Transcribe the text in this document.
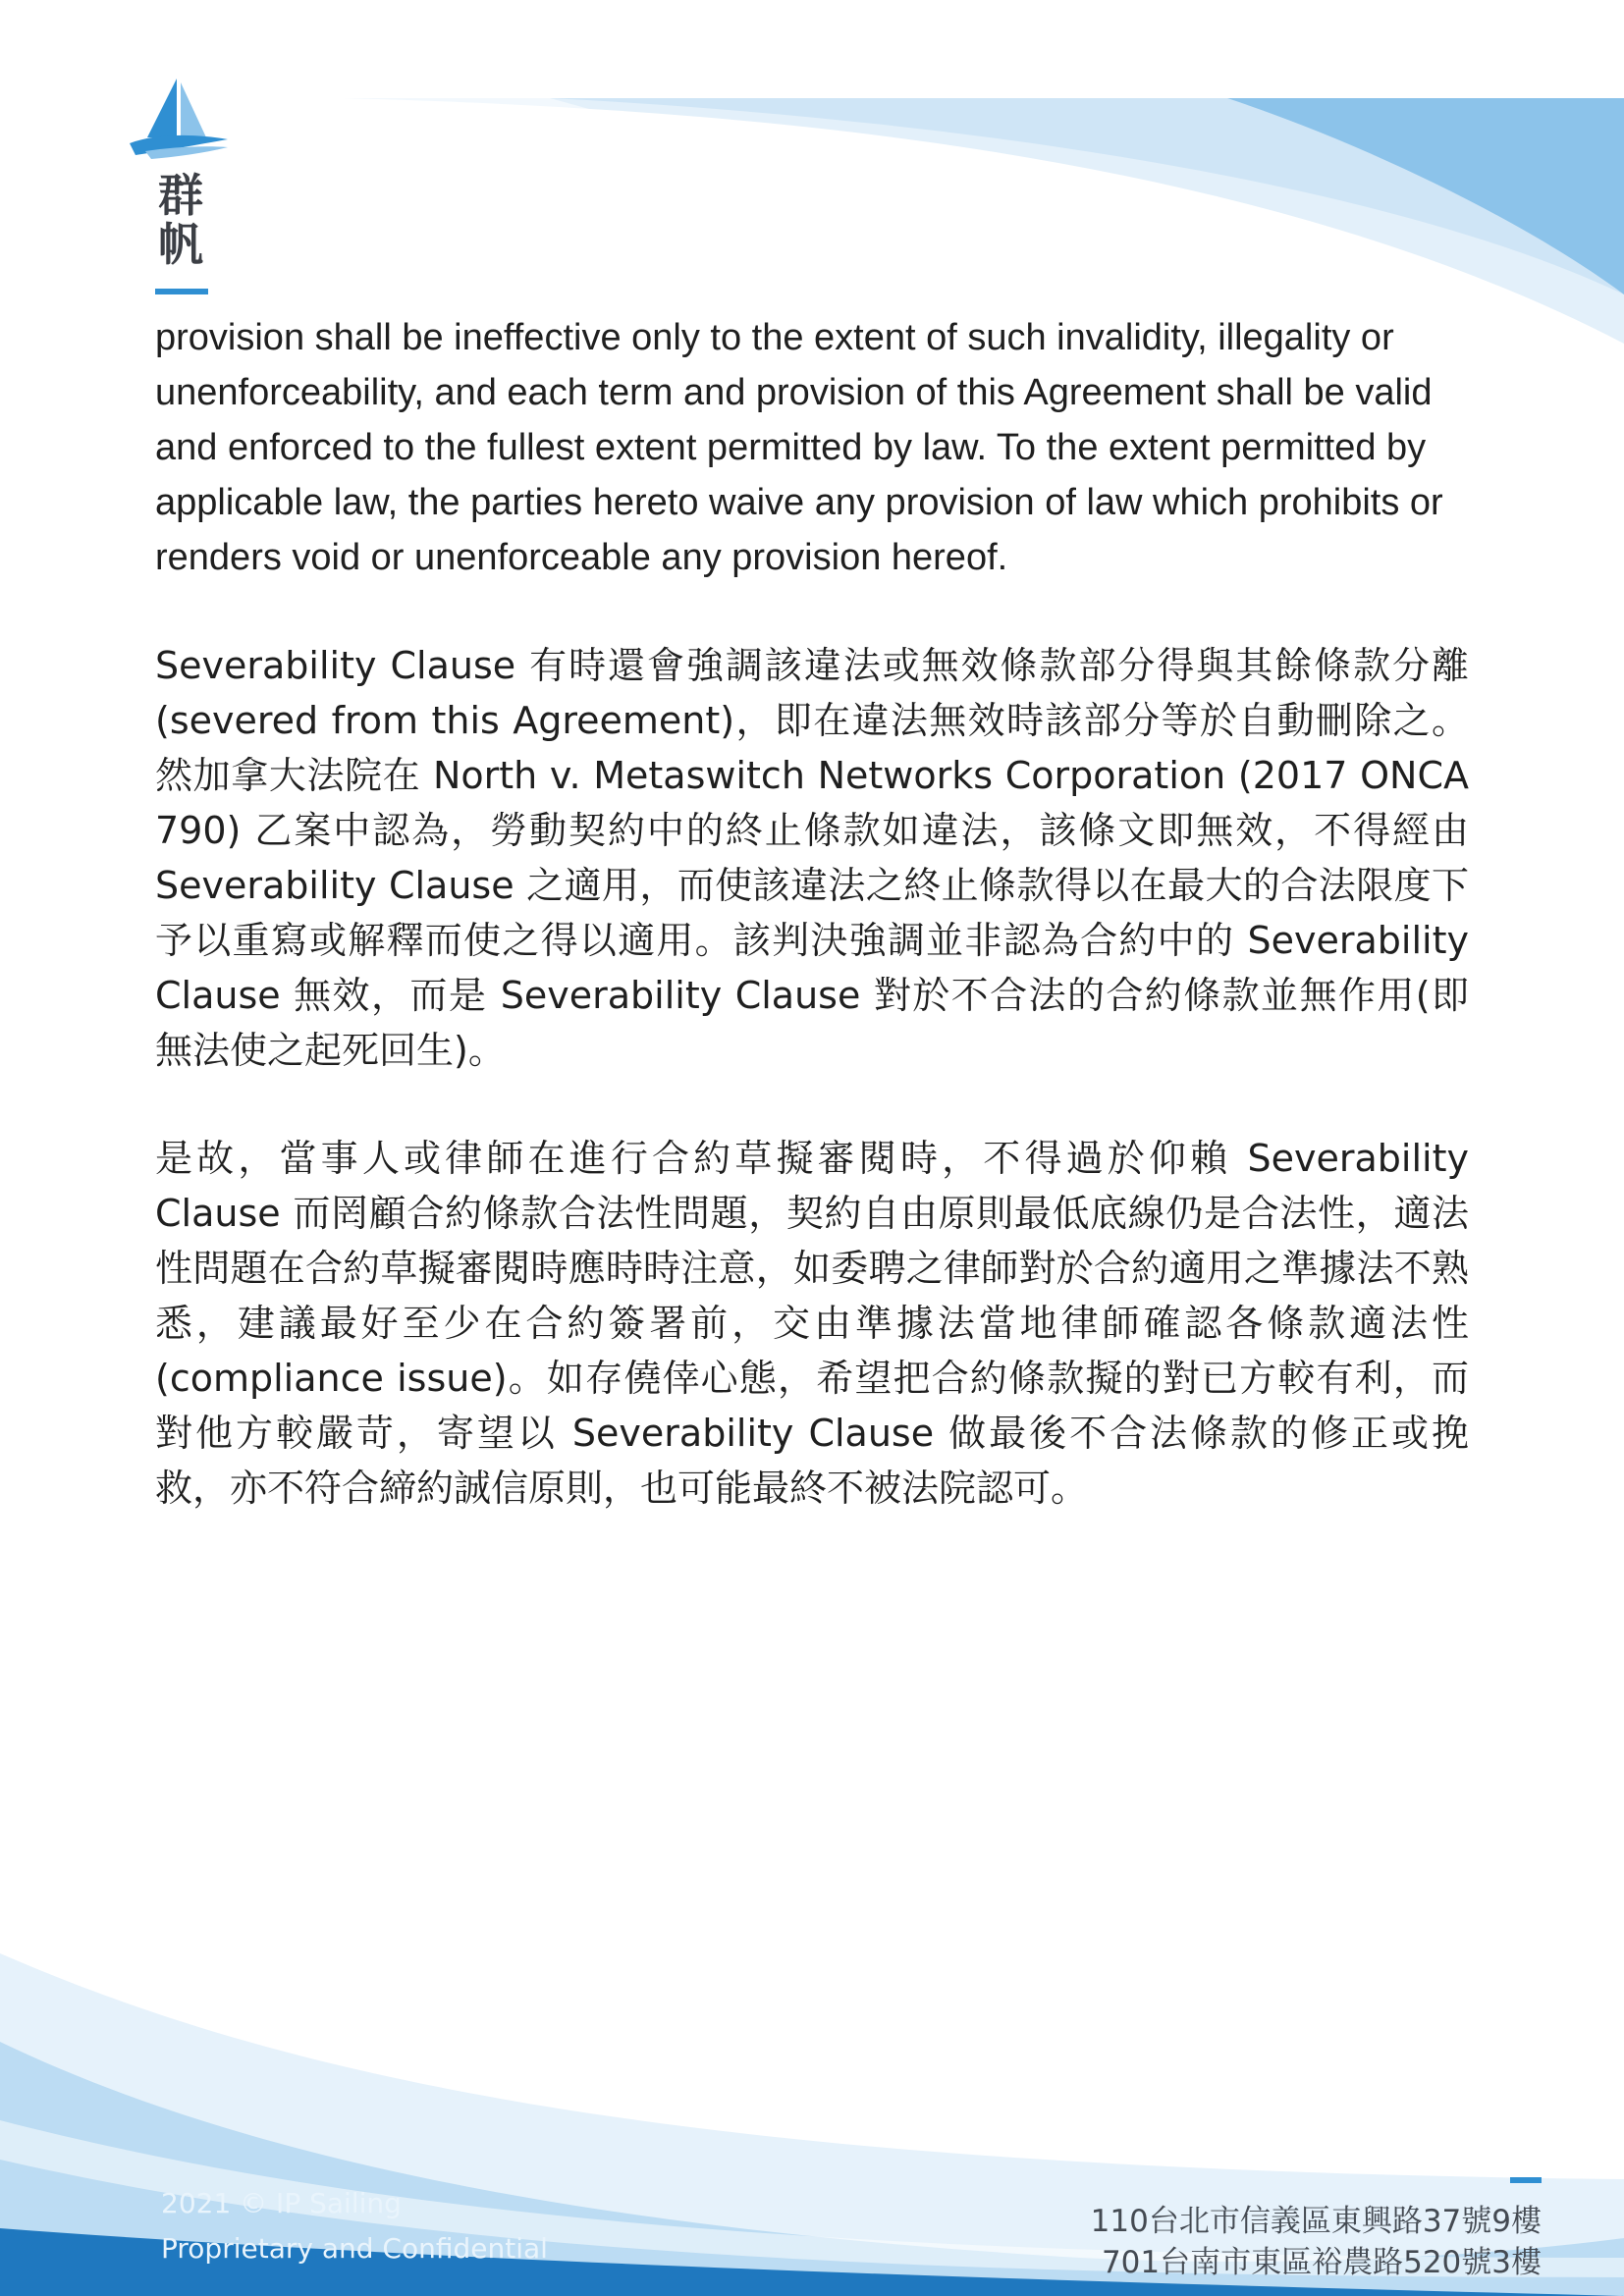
群
帆

provision shall be ineffective only to the extent of such invalidity, illegality or unenforceability, and each term and provision of this Agreement shall be valid and enforced to the fullest extent permitted by law. To the extent permitted by applicable law, the parties hereto waive any provision of law which prohibits or renders void or unenforceable any provision hereof.

Severability Clause 有時還會強調該違法或無效條款部分得與其餘條款分離(severed from this Agreement)，即在違法無效時該部分等於自動刪除之。然加拿大法院在 North v. Metaswitch Networks Corporation (2017 ONCA 790) 乙案中認為，勞動契約中的終止條款如違法，該條文即無效，不得經由 Severability Clause 之適用，而使該違法之終止條款得以在最大的合法限度下予以重寫或解釋而使之得以適用。該判決強調並非認為合約中的 Severability Clause 無效，而是 Severability Clause 對於不合法的合約條款並無作用(即無法使之起死回生)。

是故，當事人或律師在進行合約草擬審閱時，不得過於仰賴 Severability Clause 而罔顧合約條款合法性問題，契約自由原則最低底線仍是合法性，適法性問題在合約草擬審閱時應時時注意，如委聘之律師對於合約適用之準據法不熟悉，建議最好至少在合約簽署前，交由準據法當地律師確認各條款適法性(compliance issue)。如存僥倖心態，希望把合約條款擬的對已方較有利，而對他方較嚴苛，寄望以 Severability Clause 做最後不合法條款的修正或挽救，亦不符合締約誠信原則，也可能最終不被法院認可。

2021 © IP Sailing
Proprietary and Confidential
110台北市信義區東興路37號9樓
701台南市東區裕農路520號3樓
